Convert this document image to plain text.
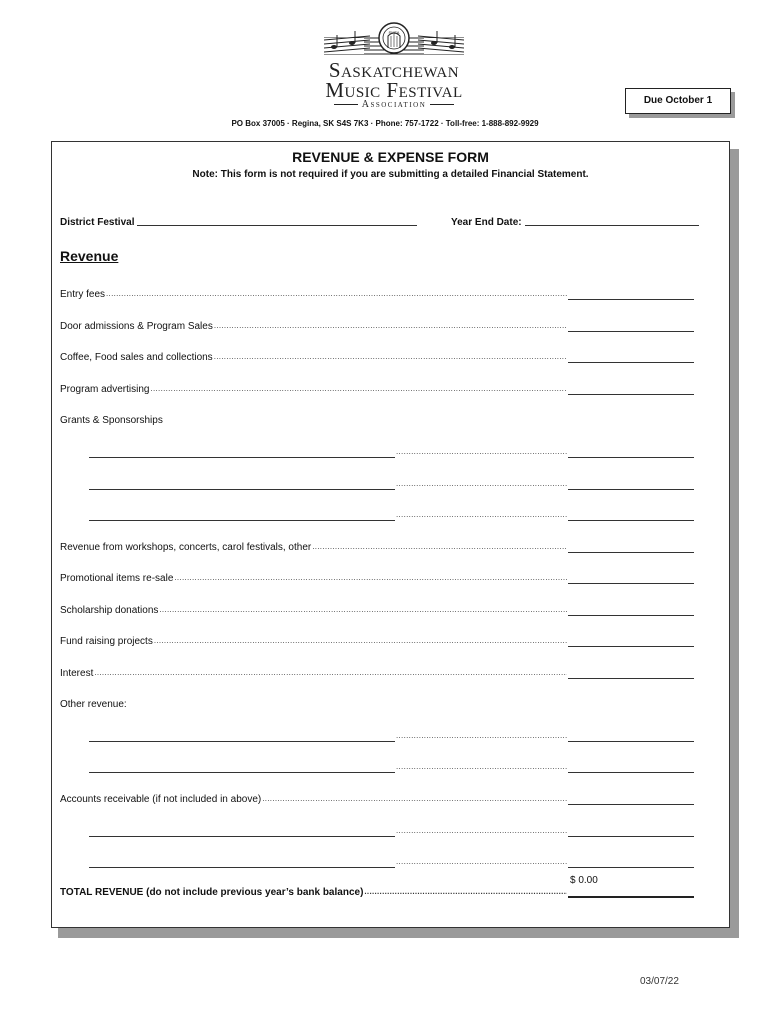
SMFA
Saskatchewan
Music Festival
Association	Due October 1
PO Box 37005 · Regina, SK S4S 7K3 · Phone: 757-1722 · Toll-free: 1-888-892-9929
REVENUE & EXPENSE FORM
Note: This form is not required if you are submitting a detailed Financial Statement.
District Festival	Year End Date:
Revenue
Entry fees
.....
Door admissions & Program Sales
.....
Coffee, Food sales and collections
.....
Program advertising
.....
Grants & Sponsorships
.....
.....
.....
Revenue from workshops, concerts, carol festivals, other
.....
Promotional items re-sale
.....
Scholarship donations
.....
Fund raising projects
.....
Interest
.....
Other revenue:
.....
.....
Accounts receivable (if not included in above)
.....
.....
.....
$ 0.00
TOTAL REVENUE (do not include previous year’s bank balance)
.....
03/07/22
